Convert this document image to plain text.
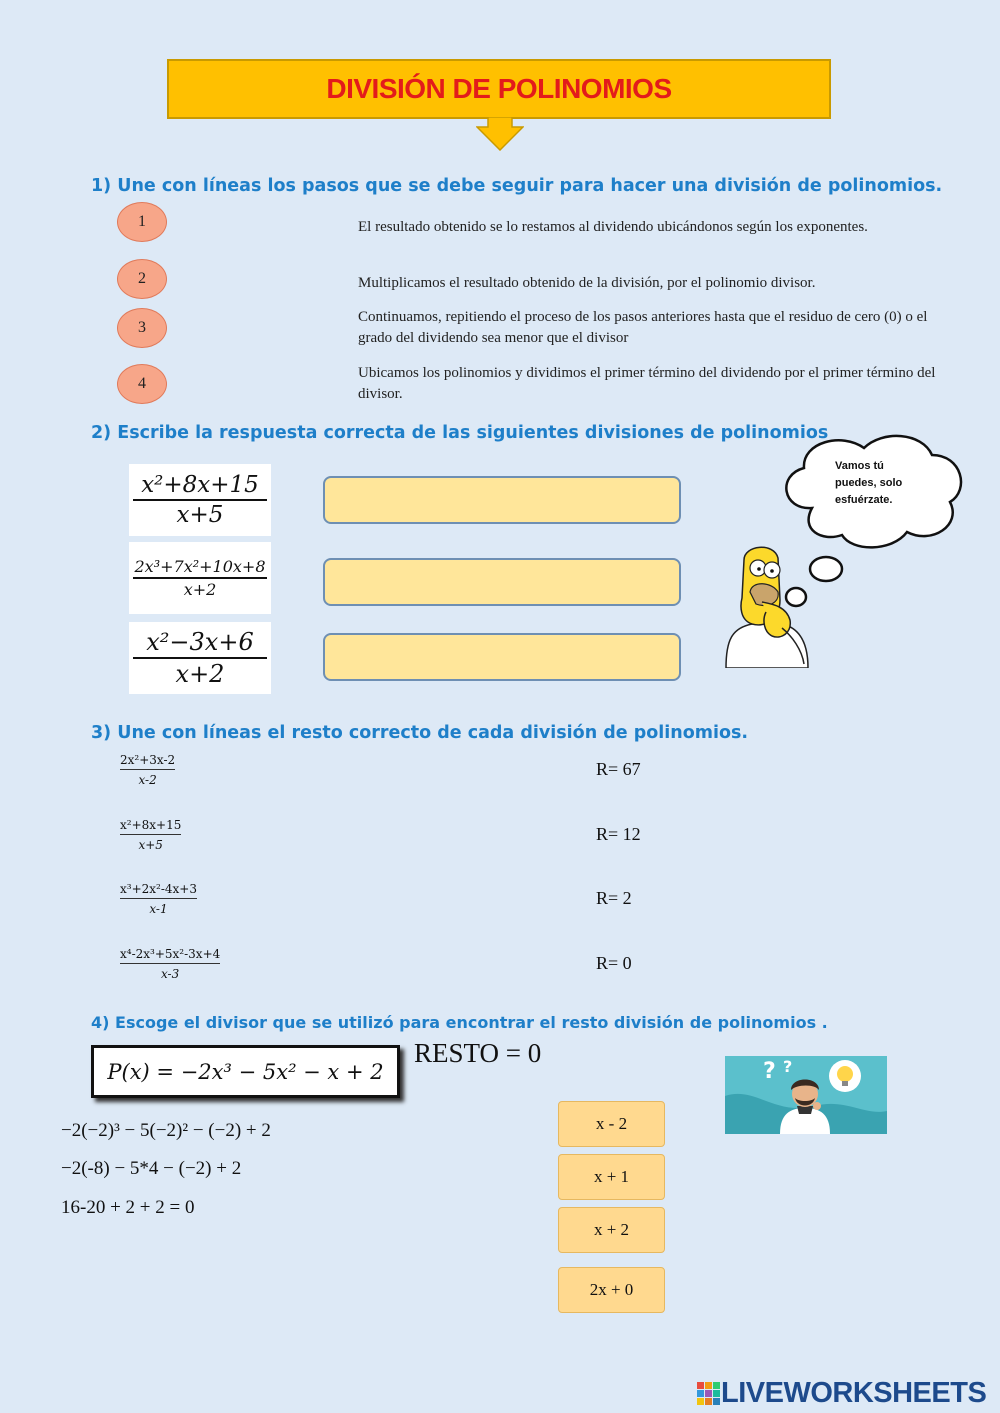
DIVISIÓN DE POLINOMIOS
1) Une con líneas los pasos que se debe seguir para hacer una división de polinomios.
1
2
3
4
El resultado obtenido se lo restamos al dividendo ubicándonos según los exponentes.
Multiplicamos el resultado obtenido de la división, por el polinomio divisor.
Continuamos, repitiendo el proceso de los pasos anteriores hasta que el residuo de cero (0) o el grado del dividendo sea menor que el divisor
Ubicamos los polinomios y dividimos el primer término del dividendo por el primer término del divisor.
2) Escribe la respuesta correcta de las siguientes divisiones de polinomios
x²+8x+15
x+5
2x³+7x²+10x+8
x+2
x²−3x+6
x+2
Vamos tú
puedes, solo
esfuérzate.
3) Une con líneas el resto correcto de cada división de polinomios.
2x²+3x-2
x-2
x²+8x+15
x+5
x³+2x²-4x+3
x-1
x⁴-2x³+5x²-3x+4
x-3
R= 67
R= 12
R= 2
R= 0
4) Escoge el divisor que se utilizó para encontrar el resto división de polinomios .
P(x) = −2x³ − 5x² − x + 2
RESTO = 0
−2(−2)³ − 5(−2)² − (−2) + 2
−2(-8) − 5*4 − (−2) + 2
16-20 + 2 + 2 = 0
x - 2
x + 1
x + 2
2x + 0
? ?
LIVEWORKSHEETS
